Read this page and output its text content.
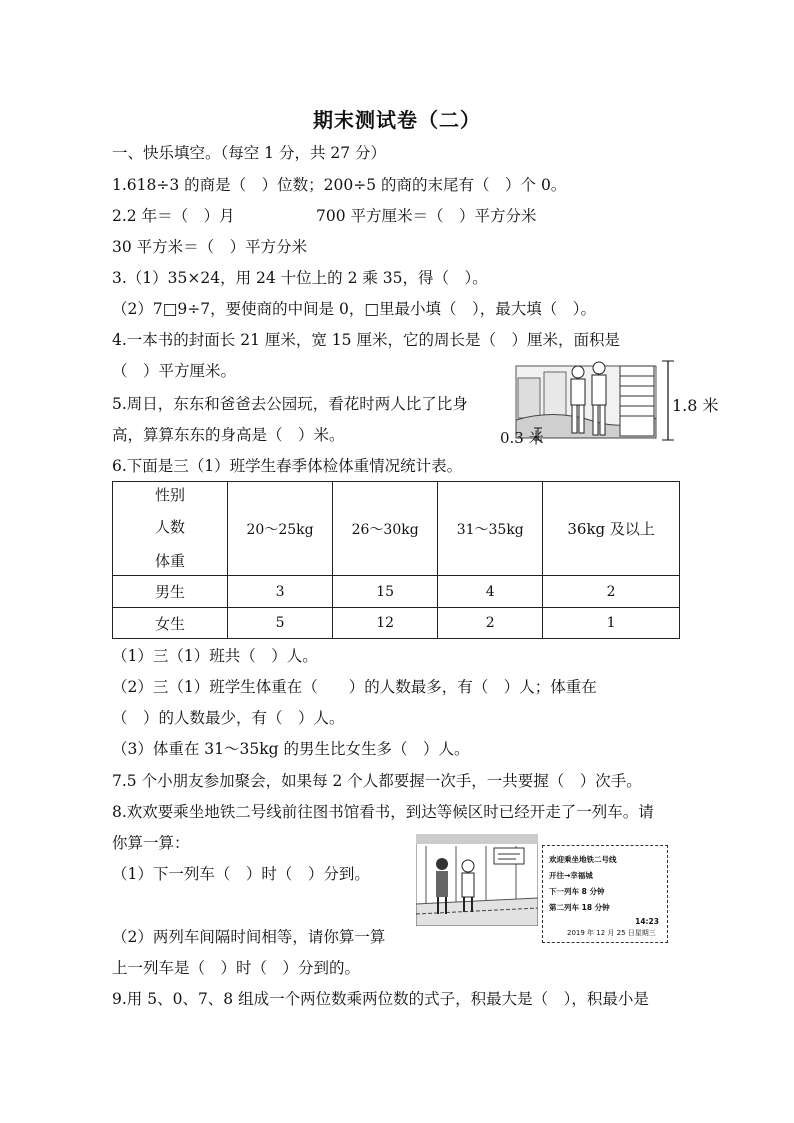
期末测试卷（二）
一、快乐填空。（每空 1 分，共 27 分）
1.618÷3 的商是（　）位数；200÷5 的商的末尾有（　）个 0。
2.2 年＝（　）月	700 平方厘米＝（　）平方分米
30 平方米＝（　）平方分米
3.（1）35×24，用 24 十位上的 2 乘 35，得（　）。
（2）7□9÷7，要使商的中间是 0，□里最小填（　），最大填（　）。
4.一本书的封面长 21 厘米，宽 15 厘米，它的周长是（　）厘米，面积是
（　）平方厘米。
5.周日，东东和爸爸去公园玩，看花时两人比了比身
高，算算东东的身高是（　）米。
1.8 米
0.3 米
6.下面是三（1）班学生春季体检体重情况统计表。
性别
人数
体重	20～25kg	26～30kg	31～35kg	36kg 及以上
男生	3	15	4	2
女生	5	12	2	1
（1）三（1）班共（　）人。
（2）三（1）班学生体重在（　　）的人数最多，有（　）人；体重在
（　）的人数最少，有（　）人。
（3）体重在 31～35kg 的男生比女生多（　）人。
7.5 个小朋友参加聚会，如果每 2 个人都要握一次手，一共要握（　）次手。
8.欢欢要乘坐地铁二号线前往图书馆看书，到达等候区时已经开走了一列车。请
你算一算：
（1）下一列车（　）时（　）分到。
（2）两列车间隔时间相等，请你算一算
上一列车是（　）时（　）分到的。
欢迎乘坐地铁二号线
开往→幸福城
下一列车 8 分钟
第二列车 18 分钟
14:23
2019 年 12 月 25 日星期三
9.用 5、0、7、8 组成一个两位数乘两位数的式子，积最大是（　），积最小是
